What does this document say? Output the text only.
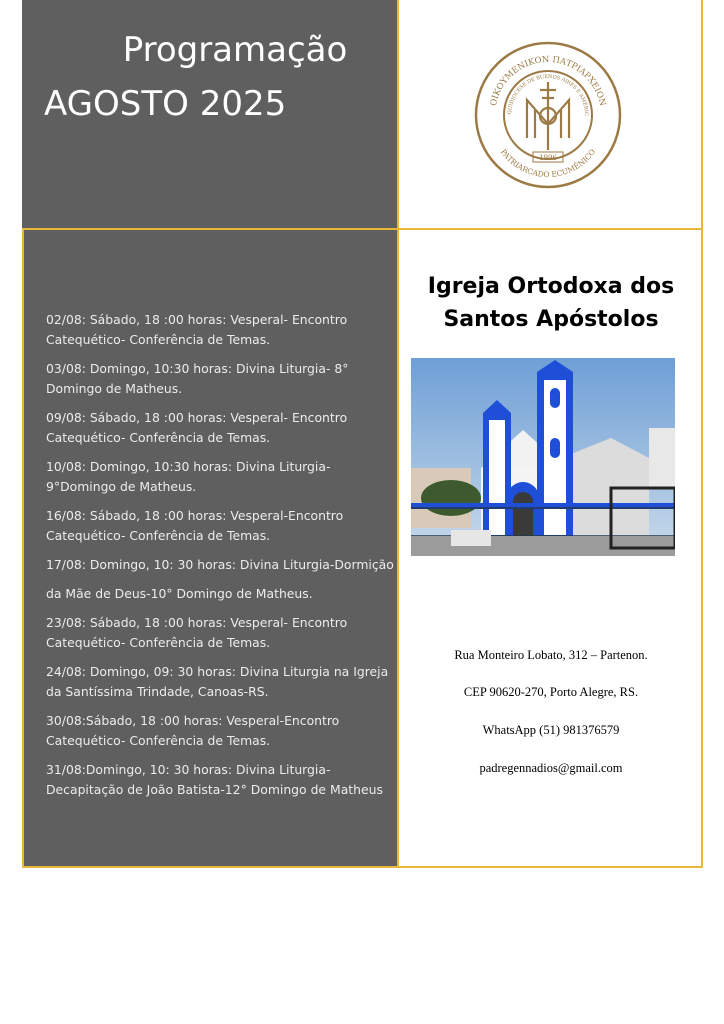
Programação
AGOSTO 2025	ΟΙΚΟΥΜΕΝΙΚΟΝ ΠΑΤΡΙΑΡΧΕΙΟΝ
PATRIARCADO ECUMÊNICO
QUIDIOCESE DE BUENOS AIRES E AMÉRIC
1996
02/08: Sábado, 18 :00 horas: Vesperal- Encontro Catequético- Conferência de Temas.
03/08: Domingo, 10:30 horas: Divina Liturgia- 8° Domingo de Matheus.
09/08: Sábado, 18 :00 horas: Vesperal- Encontro Catequético- Conferência de Temas.
10/08: Domingo, 10:30 horas: Divina Liturgia- 9°Domingo de Matheus.
16/08: Sábado, 18 :00 horas: Vesperal-Encontro Catequético- Conferência de Temas.
17/08: Domingo, 10: 30 horas: Divina Liturgia-Dormição
da Mãe de Deus-10° Domingo de Matheus.
23/08: Sábado, 18 :00 horas: Vesperal- Encontro Catequético- Conferência de Temas.
24/08: Domingo, 09: 30 horas: Divina Liturgia na Igreja da Santíssima Trindade, Canoas-RS.
30/08:Sábado, 18 :00 horas: Vesperal-Encontro Catequético- Conferência de Temas.
31/08:Domingo, 10: 30 horas: Divina Liturgia- Decapitação de João Batista-12° Domingo de Matheus
Igreja Ortodoxa dos Santos Apóstolos
Rua Monteiro Lobato, 312 – Partenon.
CEP 90620-270, Porto Alegre, RS.
WhatsApp (51) 981376579
padregennadios@gmail.com
